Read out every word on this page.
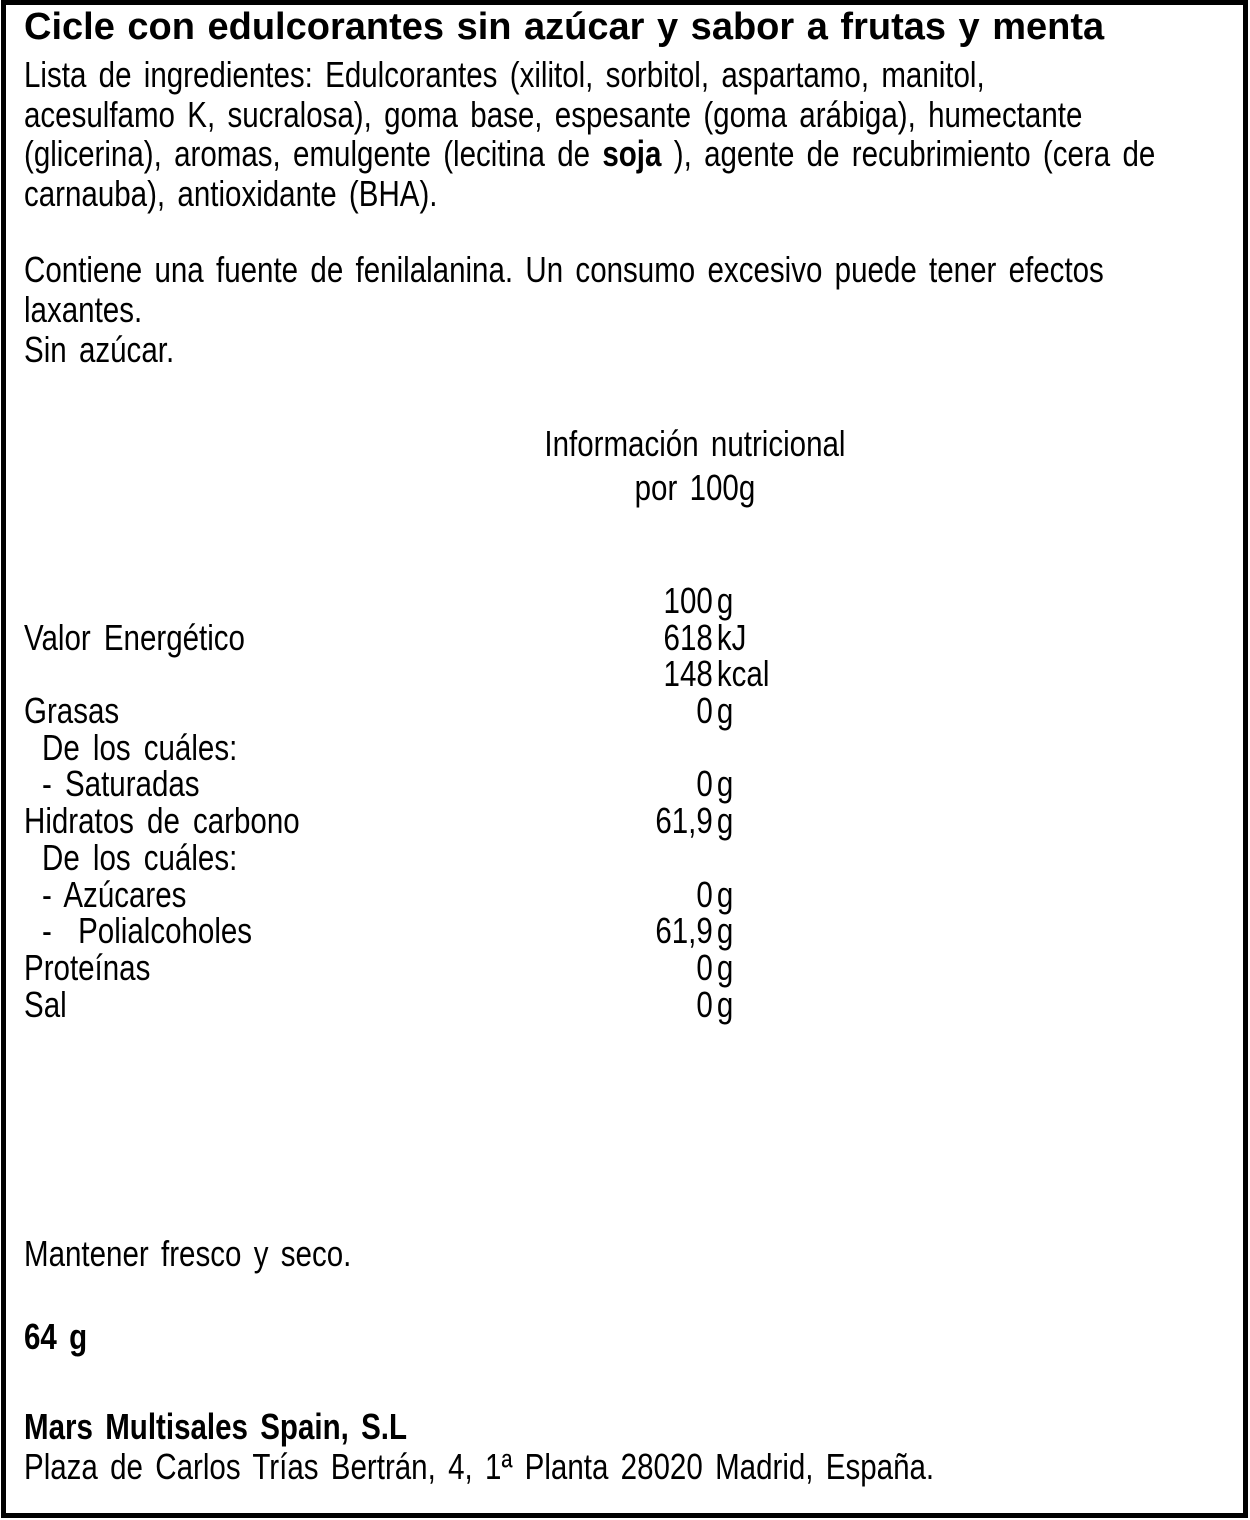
Cicle con edulcorantes sin azúcar y sabor a frutas y menta
Lista de ingredientes: Edulcorantes (xilitol, sorbitol, aspartamo, manitol,
acesulfamo K, sucralosa), goma base, espesante (goma arábiga), humectante
(glicerina), aromas, emulgente (lecitina de soja ), agente de recubrimiento (cera de
carnauba), antioxidante (BHA).
Contiene una fuente de fenilalanina. Un consumo excesivo puede tener efectos
laxantes.
Sin azúcar.
Información nutricional
por 100g
100 g
Valor Energético	618 kJ
148 kcal
Grasas	0 g
De los cuáles:
- Saturadas	0 g
Hidratos de carbono	61,9 g
De los cuáles:
- Azúcares	0 g
-  Polialcoholes	61,9 g
Proteínas	0 g
Sal	0 g
Mantener fresco y seco.
64 g
Mars Multisales Spain, S.L
Plaza de Carlos Trías Bertrán, 4, 1ª Planta 28020 Madrid, España.
